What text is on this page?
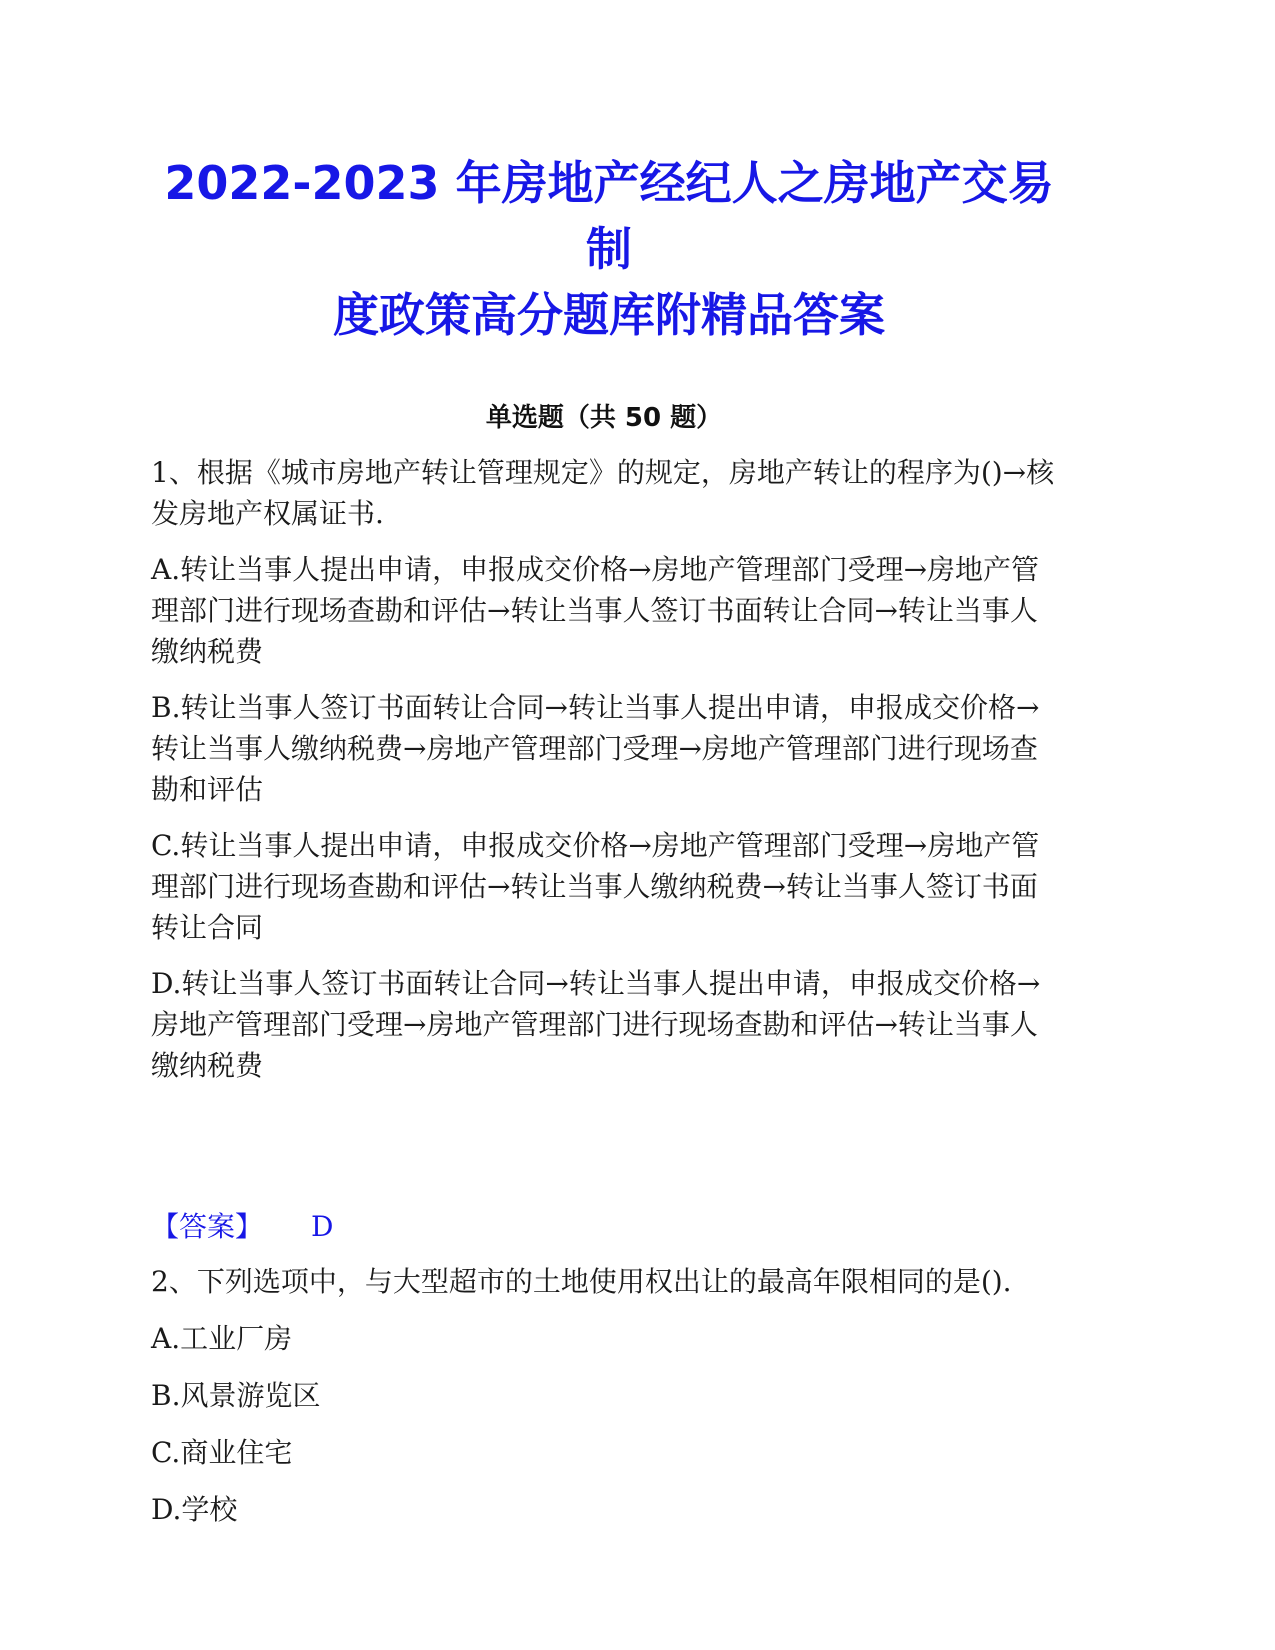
2022-2023 年房地产经纪人之房地产交易制
度政策高分题库附精品答案
单选题（共 50 题）

1、根据《城市房地产转让管理规定》的规定，房地产转让的程序为()→核发房地产权属证书.

A.转让当事人提出申请，申报成交价格→房地产管理部门受理→房地产管理部门进行现场查勘和评估→转让当事人签订书面转让合同→转让当事人缴纳税费

B.转让当事人签订书面转让合同→转让当事人提出申请，申报成交价格→转让当事人缴纳税费→房地产管理部门受理→房地产管理部门进行现场查勘和评估

C.转让当事人提出申请，申报成交价格→房地产管理部门受理→房地产管理部门进行现场查勘和评估→转让当事人缴纳税费→转让当事人签订书面转让合同

D.转让当事人签订书面转让合同→转让当事人提出申请，申报成交价格→房地产管理部门受理→房地产管理部门进行现场查勘和评估→转让当事人缴纳税费

【答案】 D

2、下列选项中，与大型超市的土地使用权出让的最高年限相同的是().

A.工业厂房

B.风景游览区

C.商业住宅

D.学校
